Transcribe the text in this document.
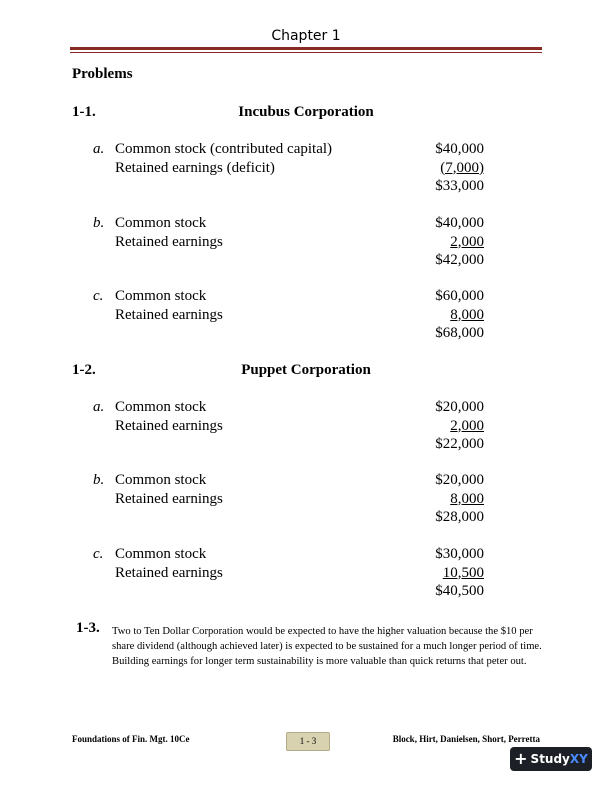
Chapter 1
Problems
1-1.	Incubus Corporation
a. Common stock (contributed capital)	$40,000
Retained earnings (deficit)	(7,000)
$33,000
b. Common stock	$40,000
Retained earnings	2,000
$42,000
c. Common stock	$60,000
Retained earnings	8,000
$68,000
1-2.	Puppet Corporation
a. Common stock	$20,000
Retained earnings	2,000
$22,000
b. Common stock	$20,000
Retained earnings	8,000
$28,000
c. Common stock	$30,000
Retained earnings	10,500
$40,500
1-3. Two to Ten Dollar Corporation would be expected to have the higher valuation because the $10 per share dividend (although achieved later) is expected to be sustained for a much longer period of time. Building earnings for longer term sustainability is more valuable than quick returns that peter out.
Foundations of Fin. Mgt. 10Ce	1 - 3	Block, Hirt, Danielsen, Short, Perretta
+ StudyXY
